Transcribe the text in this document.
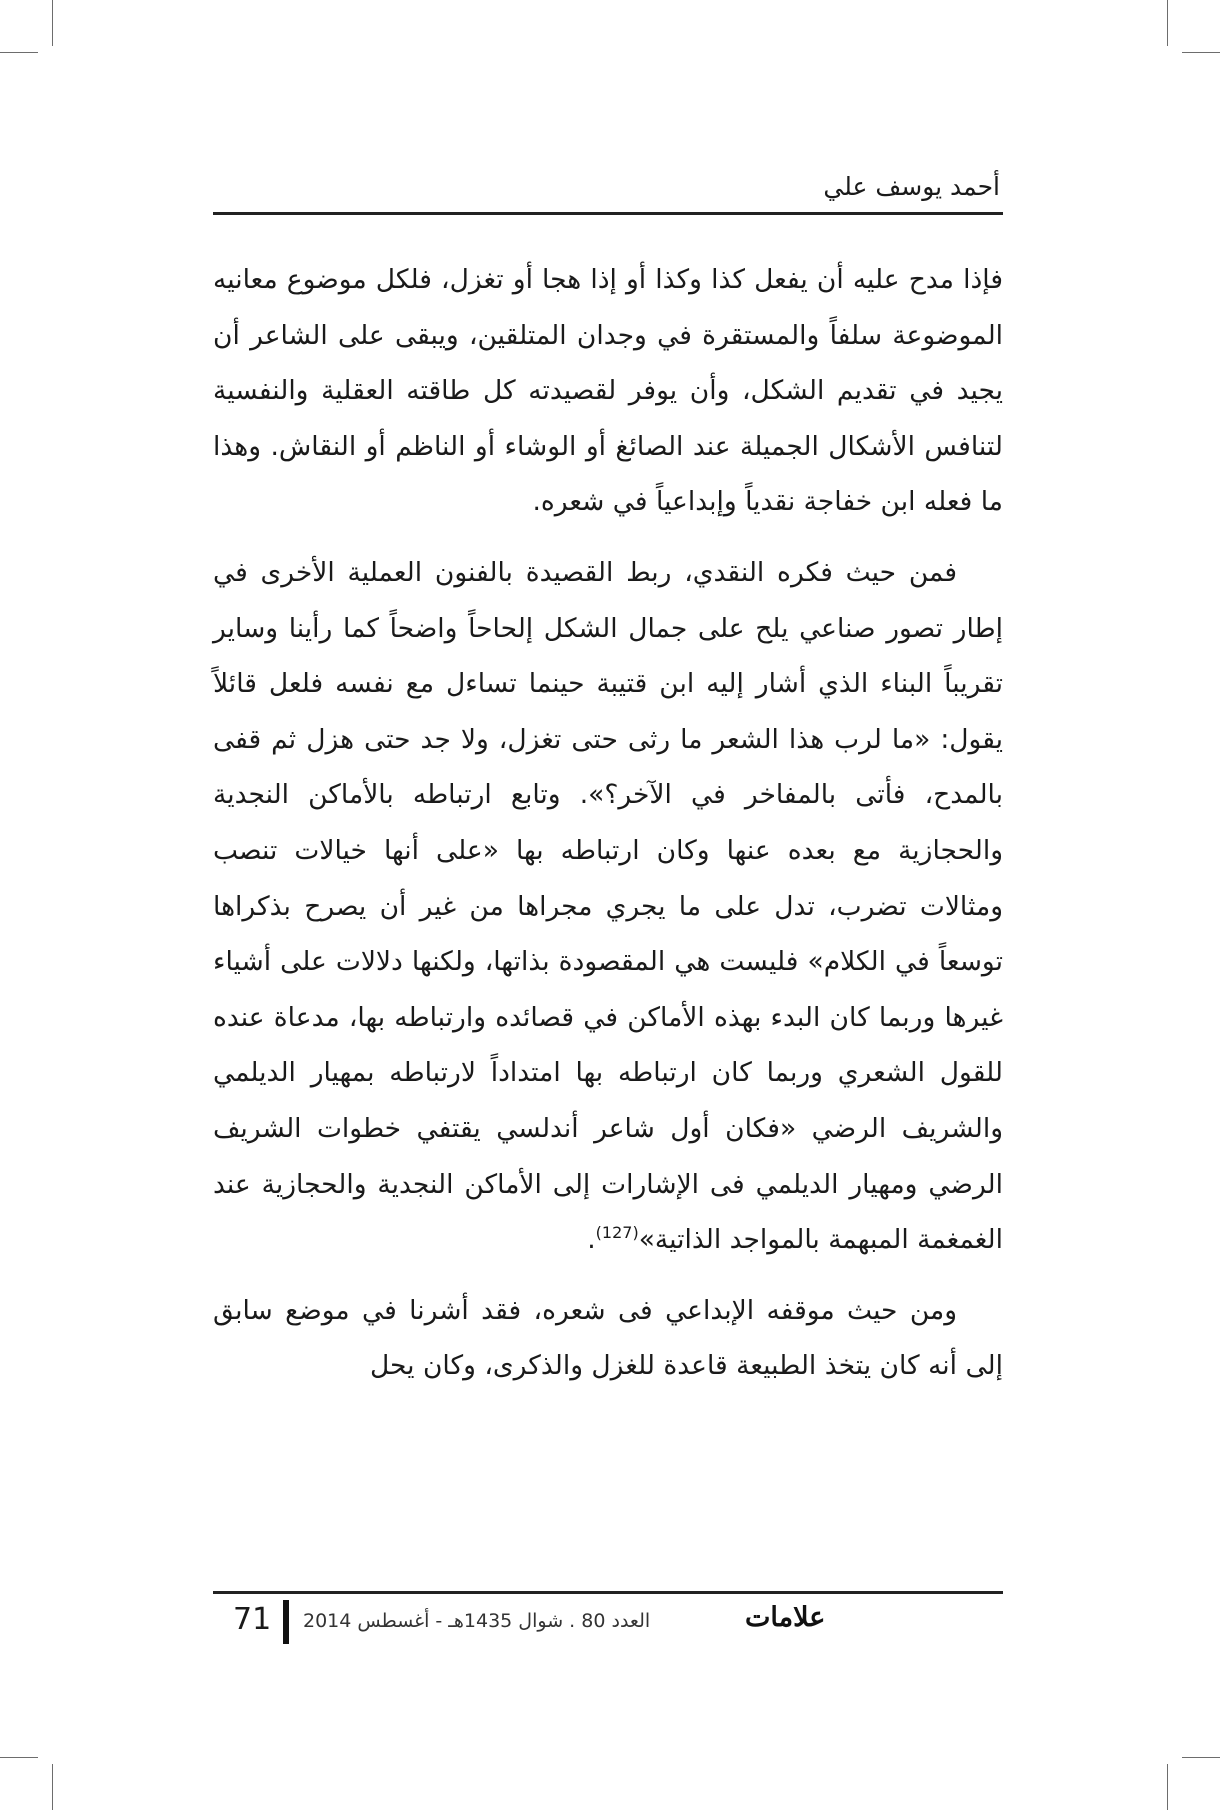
أحمد يوسف علي

فإذا مدح عليه أن يفعل كذا وكذا أو إذا هجا أو تغزل، فلكل موضوع معانيه الموضوعة سلفاً والمستقرة في وجدان المتلقين، ويبقى على الشاعر أن يجيد في تقديم الشكل، وأن يوفر لقصيدته كل طاقته العقلية والنفسية لتنافس الأشكال الجميلة عند الصائغ أو الوشاء أو الناظم أو النقاش. وهذا ما فعله ابن خفاجة نقدياً وإبداعياً في شعره.

فمن حيث فكره النقدي، ربط القصيدة بالفنون العملية الأخرى في إطار تصور صناعي يلح على جمال الشكل إلحاحاً واضحاً كما رأينا وساير تقريباً البناء الذي أشار إليه ابن قتيبة حينما تساءل مع نفسه فلعل قائلاً يقول: «ما لرب هذا الشعر ما رثى حتى تغزل، ولا جد حتى هزل ثم قفى بالمدح، فأتى بالمفاخر في الآخر؟». وتابع ارتباطه بالأماكن النجدية والحجازية مع بعده عنها وكان ارتباطه بها «على أنها خيالات تنصب ومثالات تضرب، تدل على ما يجري مجراها من غير أن يصرح بذكراها توسعاً في الكلام» فليست هي المقصودة بذاتها، ولكنها دلالات على أشياء غيرها وربما كان البدء بهذه الأماكن في قصائده وارتباطه بها، مدعاة عنده للقول الشعري وربما كان ارتباطه بها امتداداً لارتباطه بمهيار الديلمي والشريف الرضي «فكان أول شاعر أندلسي يقتفي خطوات الشريف الرضي ومهيار الديلمي فى الإشارات إلى الأماكن النجدية والحجازية عند الغمغمة المبهمة بالمواجد الذاتية»$^{(127)}$.

ومن حيث موقفه الإبداعي فى شعره، فقد أشرنا في موضع سابق إلى أنه كان يتخذ الطبيعة قاعدة للغزل والذكرى، وكان يحل

71 العدد 80 . شوال 1435هـ - أغسطس 2014	علامات
